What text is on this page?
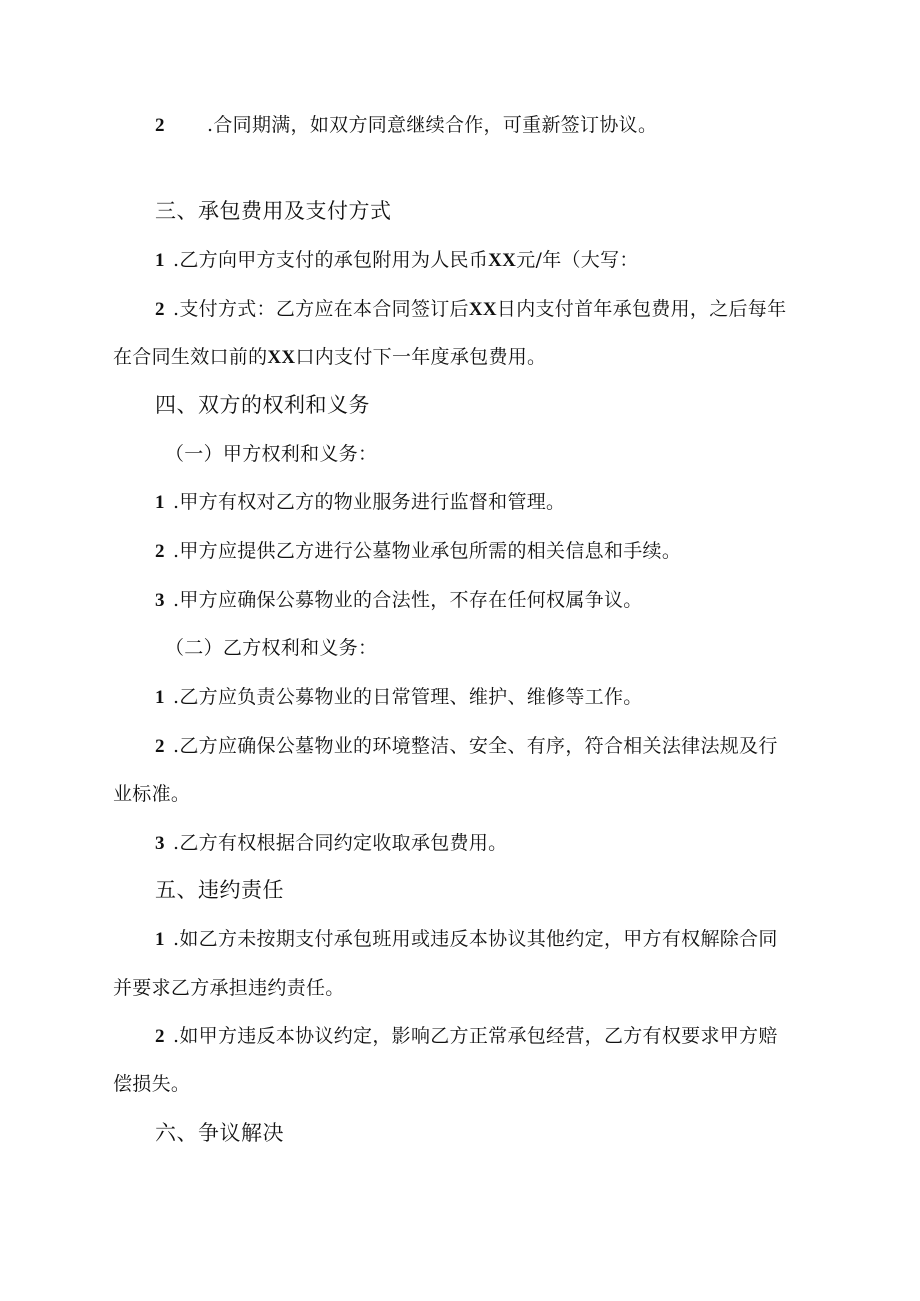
2 .合同期满，如双方同意继续合作，可重新签订协议。
三、承包费用及支付方式
1 .乙方向甲方支付的承包附用为人民币XX元/年（大写：
2 .支付方式：乙方应在本合同签订后XX日内支付首年承包费用，之后每年
在合同生效口前的XX口内支付下一年度承包费用。
四、双方的权利和义务
（一）甲方权利和义务：
1 .甲方有权对乙方的物业服务进行监督和管理。
2 .甲方应提供乙方进行公墓物业承包所需的相关信息和手续。
3 .甲方应确保公募物业的合法性，不存在任何权属争议。
（二）乙方权利和义务：
1 .乙方应负责公募物业的日常管理、维护、维修等工作。
2 .乙方应确保公墓物业的环境整洁、安全、有序，符合相关法律法规及行
业标准。
3 .乙方有权根据合同约定收取承包费用。
五、违约责任
1 .如乙方未按期支付承包班用或违反本协议其他约定，甲方有权解除合同
并要求乙方承担违约责任。
2 .如甲方违反本协议约定，影响乙方正常承包经营，乙方有权要求甲方赔
偿损失。
六、争议解决
